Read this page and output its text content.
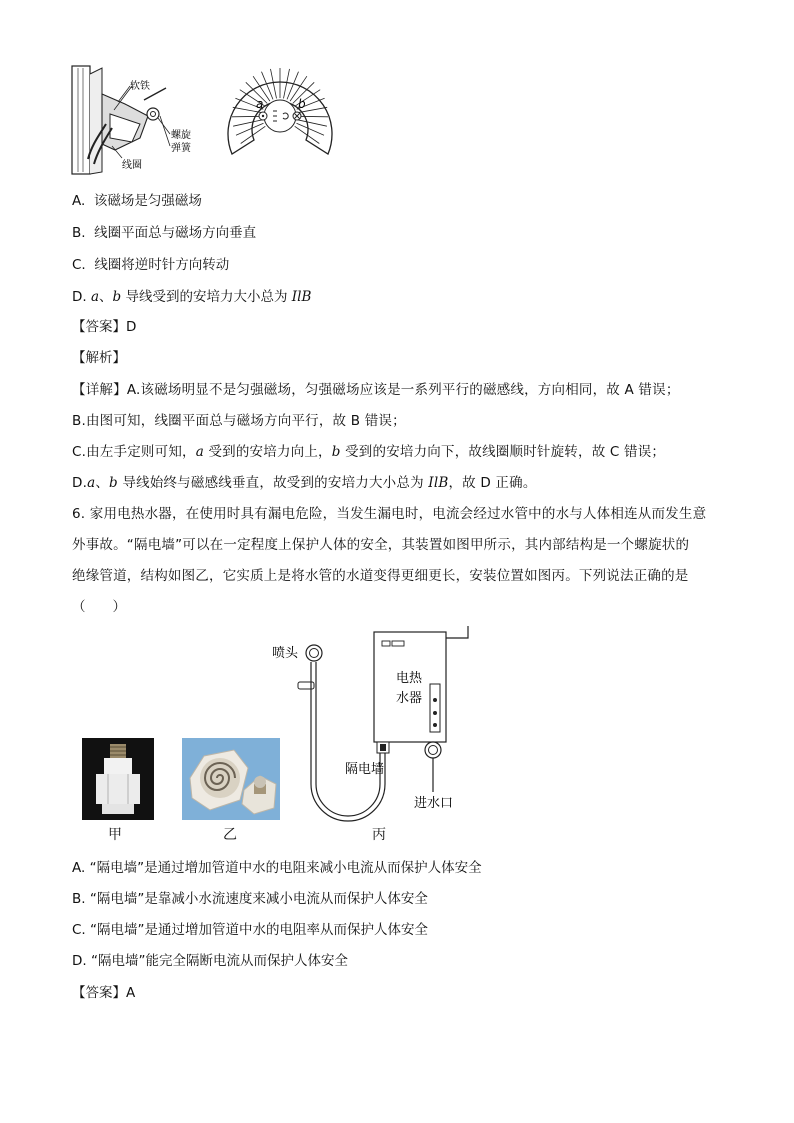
软铁
螺旋
弹簧
线圈
a	b
A.  该磁场是匀强磁场
B.  线圈平面总与磁场方向垂直
C.  线圈将逆时针方向转动
D. a、b 导线受到的安培力大小总为 IlB
【答案】D
【解析】
【详解】A.该磁场明显不是匀强磁场，匀强磁场应该是一系列平行的磁感线，方向相同，故 A 错误；
B.由图可知，线圈平面总与磁场方向平行，故 B 错误；
C.由左手定则可知，a 受到的安培力向上，b 受到的安培力向下，故线圈顺时针旋转，故 C 错误；
D.a、b 导线始终与磁感线垂直，故受到的安培力大小总为 IlB，故 D 正确。
6. 家用电热水器，在使用时具有漏电危险，当发生漏电时，电流会经过水管中的水与人体相连从而发生意
外事故。“隔电墙”可以在一定程度上保护人体的安全，其装置如图甲所示，其内部结构是一个螺旋状的
绝缘管道，结构如图乙，它实质上是将水管的水道变得更细更长，安装位置如图丙。下列说法正确的是
（　　）
喷头
电热
水器
隔电墙
进水口
甲	乙	丙
A. “隔电墙”是通过增加管道中水的电阻来减小电流从而保护人体安全
B. “隔电墙”是靠减小水流速度来减小电流从而保护人体安全
C. “隔电墙”是通过增加管道中水的电阻率从而保护人体安全
D. “隔电墙”能完全隔断电流从而保护人体安全
【答案】A
